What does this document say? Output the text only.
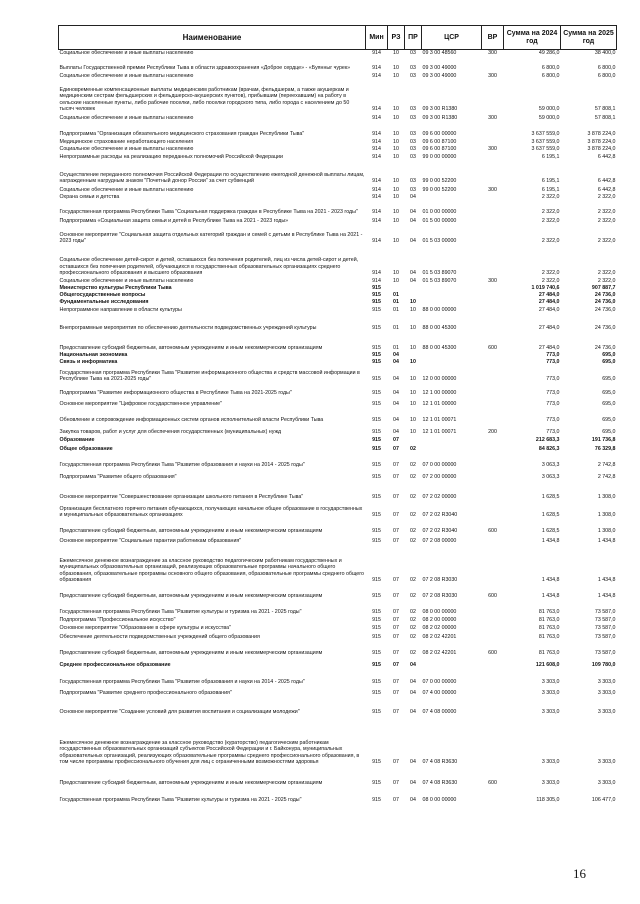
Наименование	Мин	РЗ	ПР	ЦСР	ВР	Сумма на 2024 год	Сумма на 2025 год
Социальное обеспечение и иные выплаты населению	914	10	03	09 3 00 48560	300	49 286,0	38 400,0
Выплаты Государственной премии Республики Тыва в области здравоохранения «Доброе сердце» - «Буянныг чурек»	914	10	03	09 3 00 49000		6 800,0	6 800,0
Социальное обеспечение и иные выплаты населению	914	10	03	09 3 00 49000	300	6 800,0	6 800,0
Единовременные компенсационные выплаты медицинским работникам (врачам, фельдшерам, а также акушеркам и медицинским сестрам фельдшерских и фельдшерско-акушерских пунктов), прибывшим (переехавшим) на работу в сельские населенные пункты, либо рабочие поселки, либо поселки городского типа, либо города с населением до 50 тысяч человек	914	10	03	09 3 00 R1380		59 000,0	57 808,1
Социальное обеспечение и иные выплаты населению	914	10	03	09 3 00 R1380	300	59 000,0	57 808,1
Подпрограмма "Организация обязательного медицинского страхования граждан Республики Тыва"	914	10	03	09 6 00 00000		3 637 559,0	3 878 224,0
Медицинское страхование неработающего населения	914	10	03	09 6 00 87100		3 637 559,0	3 878 224,0
Социальное обеспечение и иные выплаты населению	914	10	03	09 6 00 87100	300	3 637 559,0	3 878 224,0
Непрограммные расходы на реализацию переданных полномочий Российской Федерации	914	10	03	99 0 00 00000		6 195,1	6 442,8
Осуществление переданного полномочия Российской Федерации по осуществлению ежегодной денежной выплаты лицам, награжденным нагрудным знаком "Почетный донор России" за счет субвенций	914	10	03	99 0 00 52200		6 195,1	6 442,8
Социальное обеспечение и иные выплаты населению	914	10	03	99 0 00 52200	300	6 195,1	6 442,8
Охрана семьи и детства	914	10	04			2 322,0	2 322,0
Государственная программа Республики Тыва "Социальная поддержка граждан в Республике Тыва на 2021 - 2023 годы"	914	10	04	01 0 00 00000		2 322,0	2 322,0
Подпрограмма «Социальная защита семьи и детей в Республике Тыва на 2021 - 2023 годы»	914	10	04	01 5 00 00000		2 322,0	2 322,0
Основное мероприятие "Социальная защита отдельных категорий граждан и семей с детьми в Республике Тыва на 2021 - 2023 годы"	914	10	04	01 5 03 00000		2 322,0	2 322,0
Социальное обеспечение детей-сирот и детей, оставшихся без попечения родителей, лиц из числа детей-сирот и детей, оставшихся без попечения родителей, обучающихся в государственных образовательных организациях среднего профессионального образования и высшего образования	914	10	04	01 5 03 89070		2 322,0	2 322,0
Социальное обеспечение и иные выплаты населению	914	10	04	01 5 03 89070	300	2 322,0	2 322,0
Министерство культуры Республики Тыва	915					1 019 740,6	907 887,7
Общегосударственные вопросы	915	01				27 484,0	24 736,0
Фундаментальные исследования	915	01	10			27 484,0	24 736,0
Непрограммное направление в области культуры	915	01	10	88 0 00 00000		27 484,0	24 736,0
Внепрограммные мероприятия по обеспечению деятельности подведомственных учреждений культуры	915	01	10	88 0 00 45300		27 484,0	24 736,0
Предоставление субсидий бюджетным, автономным учреждениям и иным некоммерческим организациям	915	01	10	88 0 00 45300	600	27 484,0	24 736,0
Национальная экономика	915	04				773,0	695,0
Связь и информатика	915	04	10			773,0	695,0
Государственная программа Республики Тыва "Развитие информационного общества и средств массовой информации в Республике Тыва на 2021-2025 годы"	915	04	10	12 0 00 00000		773,0	695,0
Подпрограмма "Развитие информационного общества в Республике Тыва на 2021-2025 годы"	915	04	10	12 1 00 00000		773,0	695,0
Основное мероприятие "Цифровое государственное управление"	915	04	10	12 1 01 00000		773,0	695,0
Обновление и сопровождение информационных систем органов исполнительной власти Республики Тыва	915	04	10	12 1 01 00071		773,0	695,0
Закупка товаров, работ и услуг для обеспечения государственных (муниципальных) нужд	915	04	10	12 1 01 00071	200	773,0	695,0
Образование	915	07				212 683,3	191 736,8
Общее образование	915	07	02			84 826,3	76 329,8
Государственная программа Республики Тыва "Развитие образования и науки на 2014 - 2025 годы"	915	07	02	07 0 00 00000		3 063,3	2 742,8
Подпрограмма "Развитие общего образования"	915	07	02	07 2 00 00000		3 063,3	2 742,8
Основное мероприятие "Совершенствование организации школьного питания в Республике Тыва"	915	07	02	07 2 02 00000		1 628,5	1 308,0
Организация бесплатного горячего питания обучающихся, получающих начальное общее образование в государственных и муниципальных образовательных организациях	915	07	02	07 2 02 R3040		1 628,5	1 308,0
Предоставление субсидий бюджетным, автономным учреждениям и иным некоммерческим организациям	915	07	02	07 2 02 R3040	600	1 628,5	1 308,0
Основное мероприятие "Социальные гарантии работникам образования"	915	07	02	07 2 08 00000		1 434,8	1 434,8
Ежемесячное денежное вознаграждение за классное руководство педагогическим работникам государственных и муниципальных образовательных организаций, реализующих образовательные программы начального общего образования, образовательные программы основного общего образования, образовательные программы среднего общего образования	915	07	02	07 2 08 R3030		1 434,8	1 434,8
Предоставление субсидий бюджетным, автономным учреждениям и иным некоммерческим организациям	915	07	02	07 2 08 R3030	600	1 434,8	1 434,8
Государственная программа Республики Тыва "Развитие культуры и туризма на 2021 - 2025 годы"	915	07	02	08 0 00 00000		81 763,0	73 587,0
Подпрограмма "Профессиональное искусство"	915	07	02	08 2 00 00000		81 763,0	73 587,0
Основное мероприятие "Образование в сфере культуры и искусства"	915	07	02	08 2 02 00000		81 763,0	73 587,0
Обеспечение деятельности подведомственных учреждений общего образования	915	07	02	08 2 02 42201		81 763,0	73 587,0
Предоставление субсидий бюджетным, автономным учреждениям и иным некоммерческим организациям	915	07	02	08 2 02 42201	600	81 763,0	73 587,0
Среднее профессиональное образование	915	07	04			121 608,0	109 780,0
Государственная программа Республики Тыва "Развитие образования и науки на 2014 - 2025 годы"	915	07	04	07 0 00 00000		3 303,0	3 303,0
Подпрограмма "Развитие среднего профессионального образования"	915	07	04	07 4 00 00000		3 303,0	3 303,0
Основное мероприятие "Создание условий для развития воспитания и социализации молодежи"	915	07	04	07 4 08 00000		3 303,0	3 303,0
Ежемесячное денежное вознаграждение за классное руководство (кураторство) педагогическим работникам государственных образовательных организаций субъектов Российской Федерации и г. Байконура, муниципальных образовательных организаций, реализующих образовательные программы среднего профессионального образования, в том числе программы профессионального обучения для лиц с ограниченными возможностями здоровья	915	07	04	07 4 08 R3630		3 303,0	3 303,0
Предоставление субсидий бюджетным, автономным учреждениям и иным некоммерческим организациям	915	07	04	07 4 08 R3630	600	3 303,0	3 303,0
Государственная программа Республики Тыва "Развитие культуры и туризма на 2021 - 2025 годы"	915	07	04	08 0 00 00000		118 305,0	106 477,0
16
